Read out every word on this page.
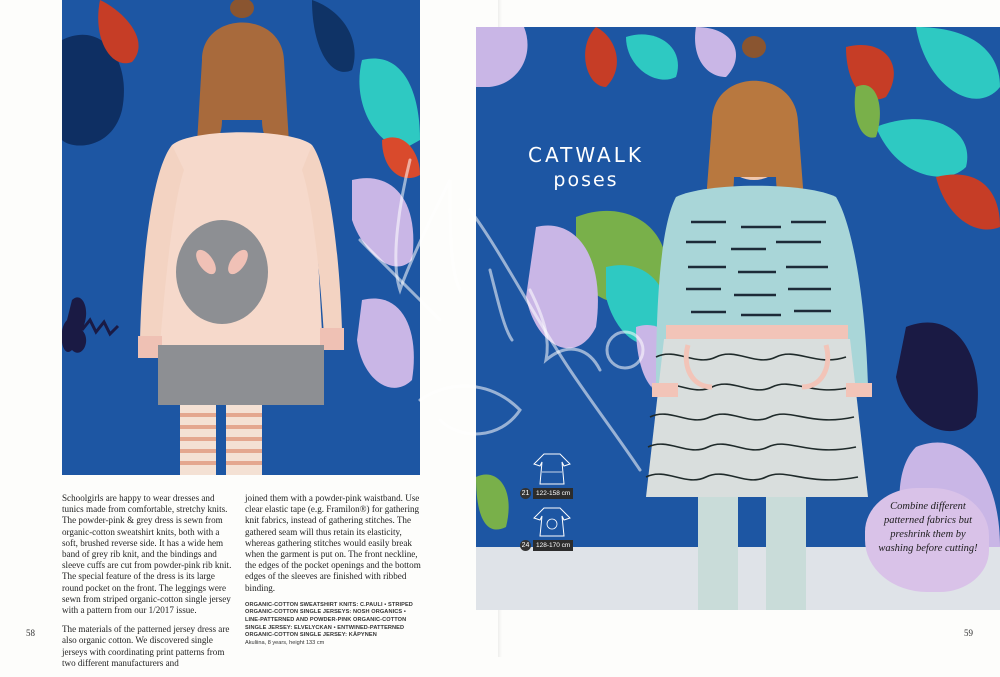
CATWALK
poses
21	122-158 cm
24	128-170 cm
Combine different patterned fabrics but preshrink them by washing before cutting!

Schoolgirls are happy to wear dresses and tunics made from comfortable, stretchy knits. The powder-pink & grey dress is sewn from organic-cotton sweatshirt knits, both with a soft, brushed reverse side. It has a wide hem band of grey rib knit, and the bindings and sleeve cuffs are cut from powder-pink rib knit. The special feature of the dress is its large round pocket on the front. The leggings were sewn from striped organic-cotton single jersey with a pattern from our 1/2017 issue.

The materials of the patterned jersey dress are also organic cotton. We discovered single jerseys with coordinating print patterns from two different manufacturers and

joined them with a powder-pink waistband. Use clear elastic tape (e.g. Framilon®) for gathering knit fabrics, instead of gathering stitches. The gathered seam will thus retain its elasticity, whereas gathering stitches would easily break when the garment is put on. The front neckline, the edges of the pocket openings and the bottom edges of the sleeves are finished with ribbed binding.

ORGANIC-COTTON SWEATSHIRT KNITS: C.PAULI • STRIPED ORGANIC-COTTON SINGLE JERSEYS: NOSH ORGANICS • LINE-PATTERNED AND POWDER-PINK ORGANIC-COTTON SINGLE JERSEY: ELVELYCKAN • ENTWINED-PATTERNED ORGANIC-COTTON SINGLE JERSEY: KÄPYNEN
Akuliina, 8 years, height 133 cm
58	59
